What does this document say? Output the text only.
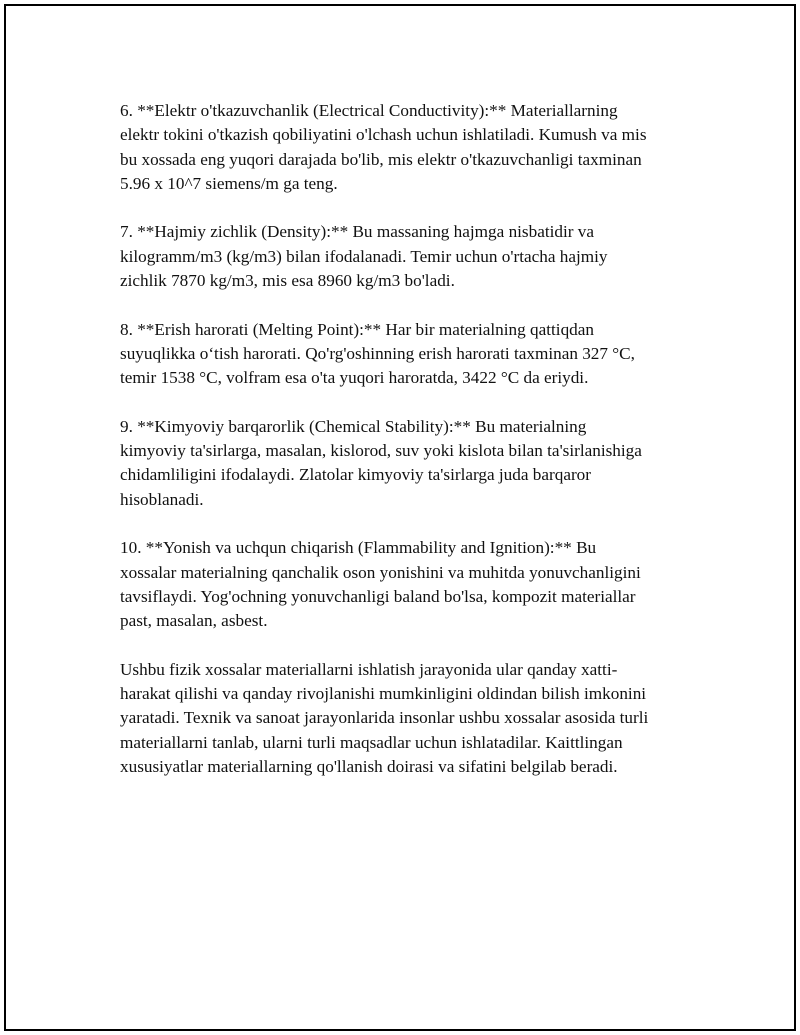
6. **Elektr o'tkazuvchanlik (Electrical Conductivity):** Materiallarning
elektr tokini o'tkazish qobiliyatini o'lchash uchun ishlatiladi. Kumush va mis
bu xossada eng yuqori darajada bo'lib, mis elektr o'tkazuvchanligi taxminan
5.96 x 10^7 siemens/m ga teng.

7. **Hajmiy zichlik (Density):** Bu massaning hajmga nisbatidir va
kilogramm/m3 (kg/m3) bilan ifodalanadi. Temir uchun o'rtacha hajmiy
zichlik 7870 kg/m3, mis esa 8960 kg/m3 bo'ladi.

8. **Erish harorati (Melting Point):** Har bir materialning qattiqdan
suyuqlikka o‘tish harorati. Qo'rg'oshinning erish harorati taxminan 327 °C,
temir 1538 °C, volfram esa o'ta yuqori haroratda, 3422 °C da eriydi.

9. **Kimyoviy barqarorlik (Chemical Stability):** Bu materialning
kimyoviy ta'sirlarga, masalan, kislorod, suv yoki kislota bilan ta'sirlanishiga
chidamliligini ifodalaydi. Zlatolar kimyoviy ta'sirlarga juda barqaror
hisoblanadi.

10. **Yonish va uchqun chiqarish (Flammability and Ignition):** Bu
xossalar materialning qanchalik oson yonishini va muhitda yonuvchanligini
tavsiflaydi. Yog'ochning yonuvchanligi baland bo'lsa, kompozit materiallar
past, masalan, asbest.

Ushbu fizik xossalar materiallarni ishlatish jarayonida ular qanday xatti-
harakat qilishi va qanday rivojlanishi mumkinligini oldindan bilish imkonini
yaratadi. Texnik va sanoat jarayonlarida insonlar ushbu xossalar asosida turli
materiallarni tanlab, ularni turli maqsadlar uchun ishlatadilar. Kaittlingan
xususiyatlar materiallarning qo'llanish doirasi va sifatini belgilab beradi.
